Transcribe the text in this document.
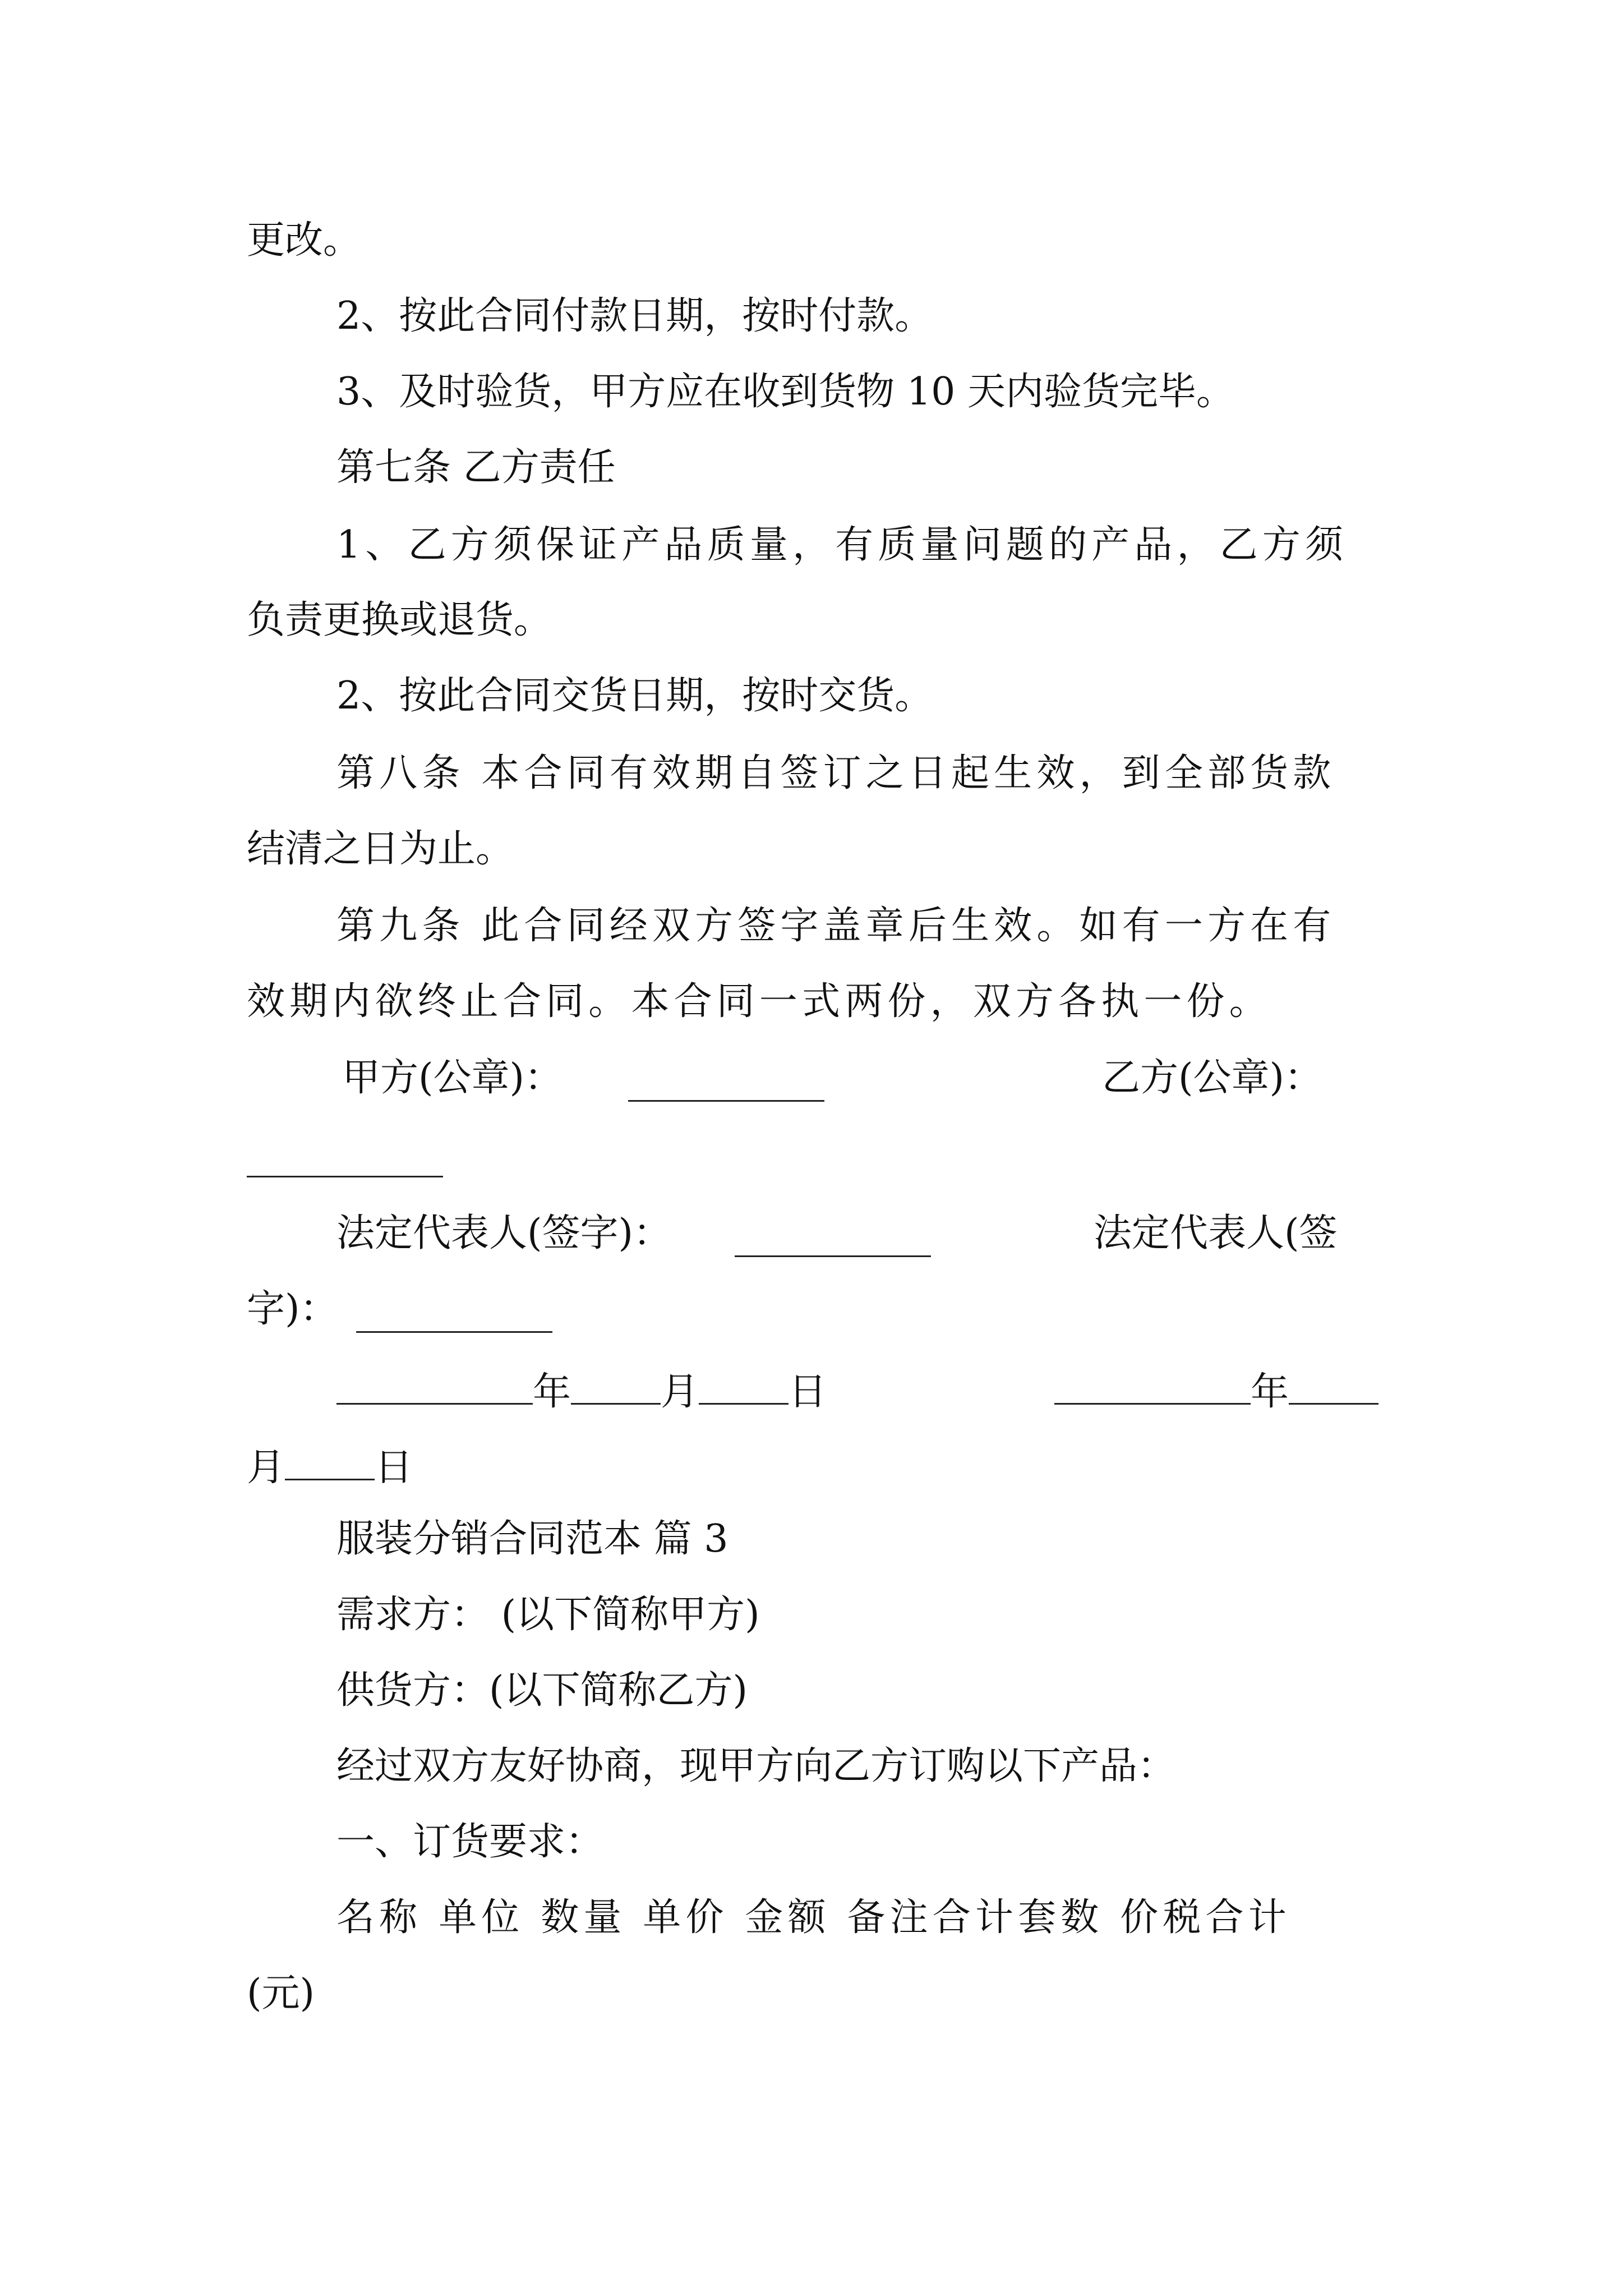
更改。
2、按此合同付款日期，按时付款。
3、及时验货，甲方应在收到货物 10 天内验货完毕。
第七条 乙方责任
1、乙方须保证产品质量，有质量问题的产品，乙方须
负责更换或退货。
2、按此合同交货日期，按时交货。
第八条 本合同有效期自签订之日起生效，到全部货款
结清之日为止。
第九条 此合同经双方签字盖章后生效。如有一方在有
效期内欲终止合同。本合同一式两份，双方各执一份。
甲方(公章)：	乙方(公章)：
法定代表人(签字)：	法定代表人(签
字)：
年 月 日	年
月 日
服装分销合同范本 篇 3
需求方： (以下简称甲方)
供货方：(以下简称乙方)
经过双方友好协商，现甲方向乙方订购以下产品：
一、订货要求：
名称 单位 数量 单价 金额 备注合计套数 价税合计
(元)
